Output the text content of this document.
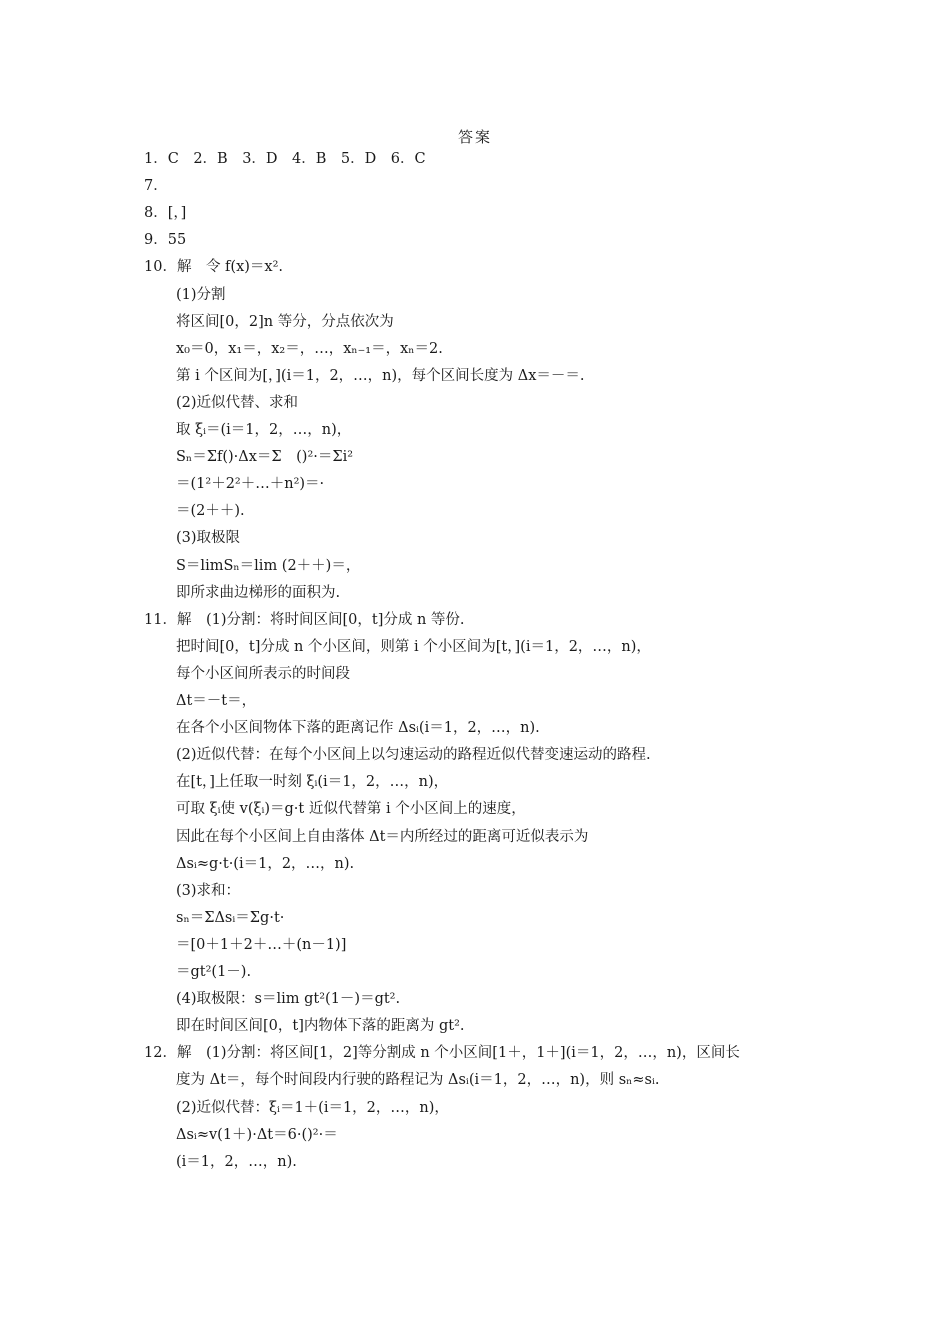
答案
1．C　2．B　3．D　4．B　5．D　6．C
7．
8．[，]
9．55
10．解　令 f(x)＝x².
(1)分割
将区间[0，2]n 等分，分点依次为
x₀＝0，x₁＝，x₂＝，…，xₙ₋₁＝，xₙ＝2.
第 i 个区间为[，](i＝1，2，…，n)，每个区间长度为 Δx＝－＝.
(2)近似代替、求和
取 ξᵢ＝(i＝1，2，…，n)，
Sₙ＝Σf()·Δx＝Σ　()²·＝Σi²
＝(1²＋2²＋…＋n²)＝·
＝(2＋＋).
(3)取极限
S＝limSₙ＝lim (2＋＋)＝，
即所求曲边梯形的面积为.
11．解　(1)分割：将时间区间[0，t]分成 n 等份.
把时间[0，t]分成 n 个小区间，则第 i 个小区间为[t，](i＝1，2，…，n)，
每个小区间所表示的时间段
Δt＝－t＝，
在各个小区间物体下落的距离记作 Δsᵢ(i＝1，2，…，n).
(2)近似代替：在每个小区间上以匀速运动的路程近似代替变速运动的路程.
在[t，]上任取一时刻 ξᵢ(i＝1，2，…，n)，
可取 ξᵢ使 v(ξᵢ)＝g·t 近似代替第 i 个小区间上的速度，
因此在每个小区间上自由落体 Δt＝内所经过的距离可近似表示为
Δsᵢ≈g·t·(i＝1，2，…，n).
(3)求和：
sₙ＝ΣΔsᵢ＝Σg·t·
＝[0＋1＋2＋…＋(n－1)]
＝gt²(1－).
(4)取极限：s＝lim gt²(1－)＝gt².
即在时间区间[0，t]内物体下落的距离为 gt².
12．解　(1)分割：将区间[1，2]等分割成 n 个小区间[1＋，1＋](i＝1，2，…，n)，区间长
度为 Δt＝，每个时间段内行驶的路程记为 Δsᵢ(i＝1，2，…，n)，则 sₙ≈sᵢ.
(2)近似代替：ξᵢ＝1＋(i＝1，2，…，n)，
Δsᵢ≈v(1＋)·Δt＝6·()²·＝
(i＝1，2，…，n).
